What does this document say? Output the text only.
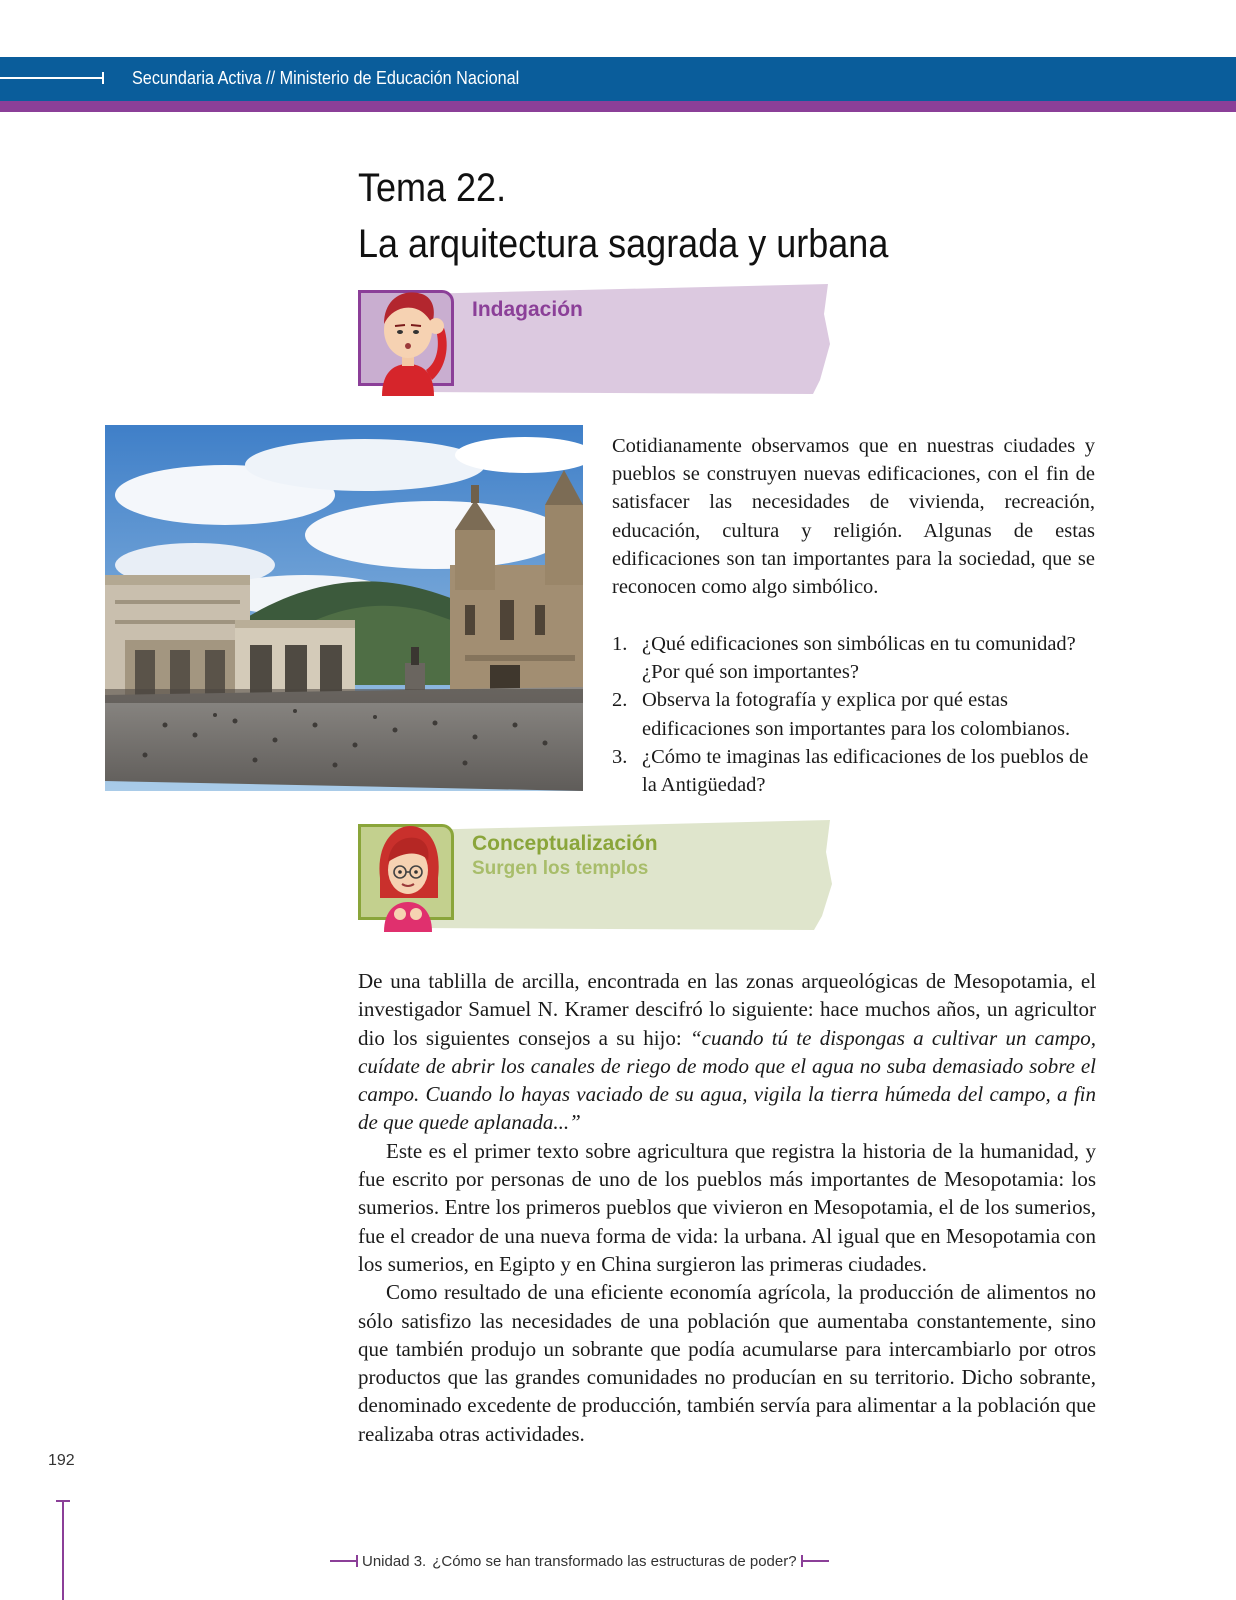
Secundaria Activa // Ministerio de Educación Nacional
Tema 22.
La arquitectura sagrada y urbana
Indagación

Cotidianamente observamos que en nuestras ciudades y pueblos se construyen nuevas edificaciones, con el fin de satisfacer las necesidades de vivienda, recreación, educación, cultura y religión. Algunas de estas edificaciones son tan importantes para la sociedad, que se reconocen como algo simbólico.

1. ¿Qué edificaciones son simbólicas en tu comunidad? ¿Por qué son importantes?
2. Observa la fotografía y explica por qué estas edificaciones son importantes para los colombianos.
3. ¿Cómo te imaginas las edificaciones de los pueblos de la Antigüedad?
Conceptualización
Surgen los templos

De una tablilla de arcilla, encontrada en las zonas arqueológicas de Mesopotamia, el investigador Samuel N. Kramer descifró lo siguiente: hace muchos años, un agricultor dio los siguientes consejos a su hijo: “cuando tú te dispongas a cultivar un campo, cuídate de abrir los canales de riego de modo que el agua no suba demasiado sobre el campo. Cuando lo hayas vaciado de su agua, vigila la tierra húmeda del campo, a fin de que quede aplanada...”

Este es el primer texto sobre agricultura que registra la historia de la humanidad, y fue escrito por personas de uno de los pueblos más importantes de Mesopotamia: los sumerios. Entre los primeros pueblos que vivieron en Mesopotamia, el de los sumerios, fue el creador de una nueva forma de vida: la urbana. Al igual que en Mesopotamia con los sumerios, en Egipto y en China surgieron las primeras ciudades.

Como resultado de una eficiente economía agrícola, la producción de alimentos no sólo satisfizo las necesidades de una población que aumentaba constantemente, sino que también produjo un sobrante que podía acumularse para intercambiarlo por otros productos que las grandes comunidades no producían en su territorio. Dicho sobrante, denominado excedente de producción, también servía para alimentar a la población que realizaba otras actividades.

192
Unidad 3. ¿Cómo se han transformado las estructuras de poder?
